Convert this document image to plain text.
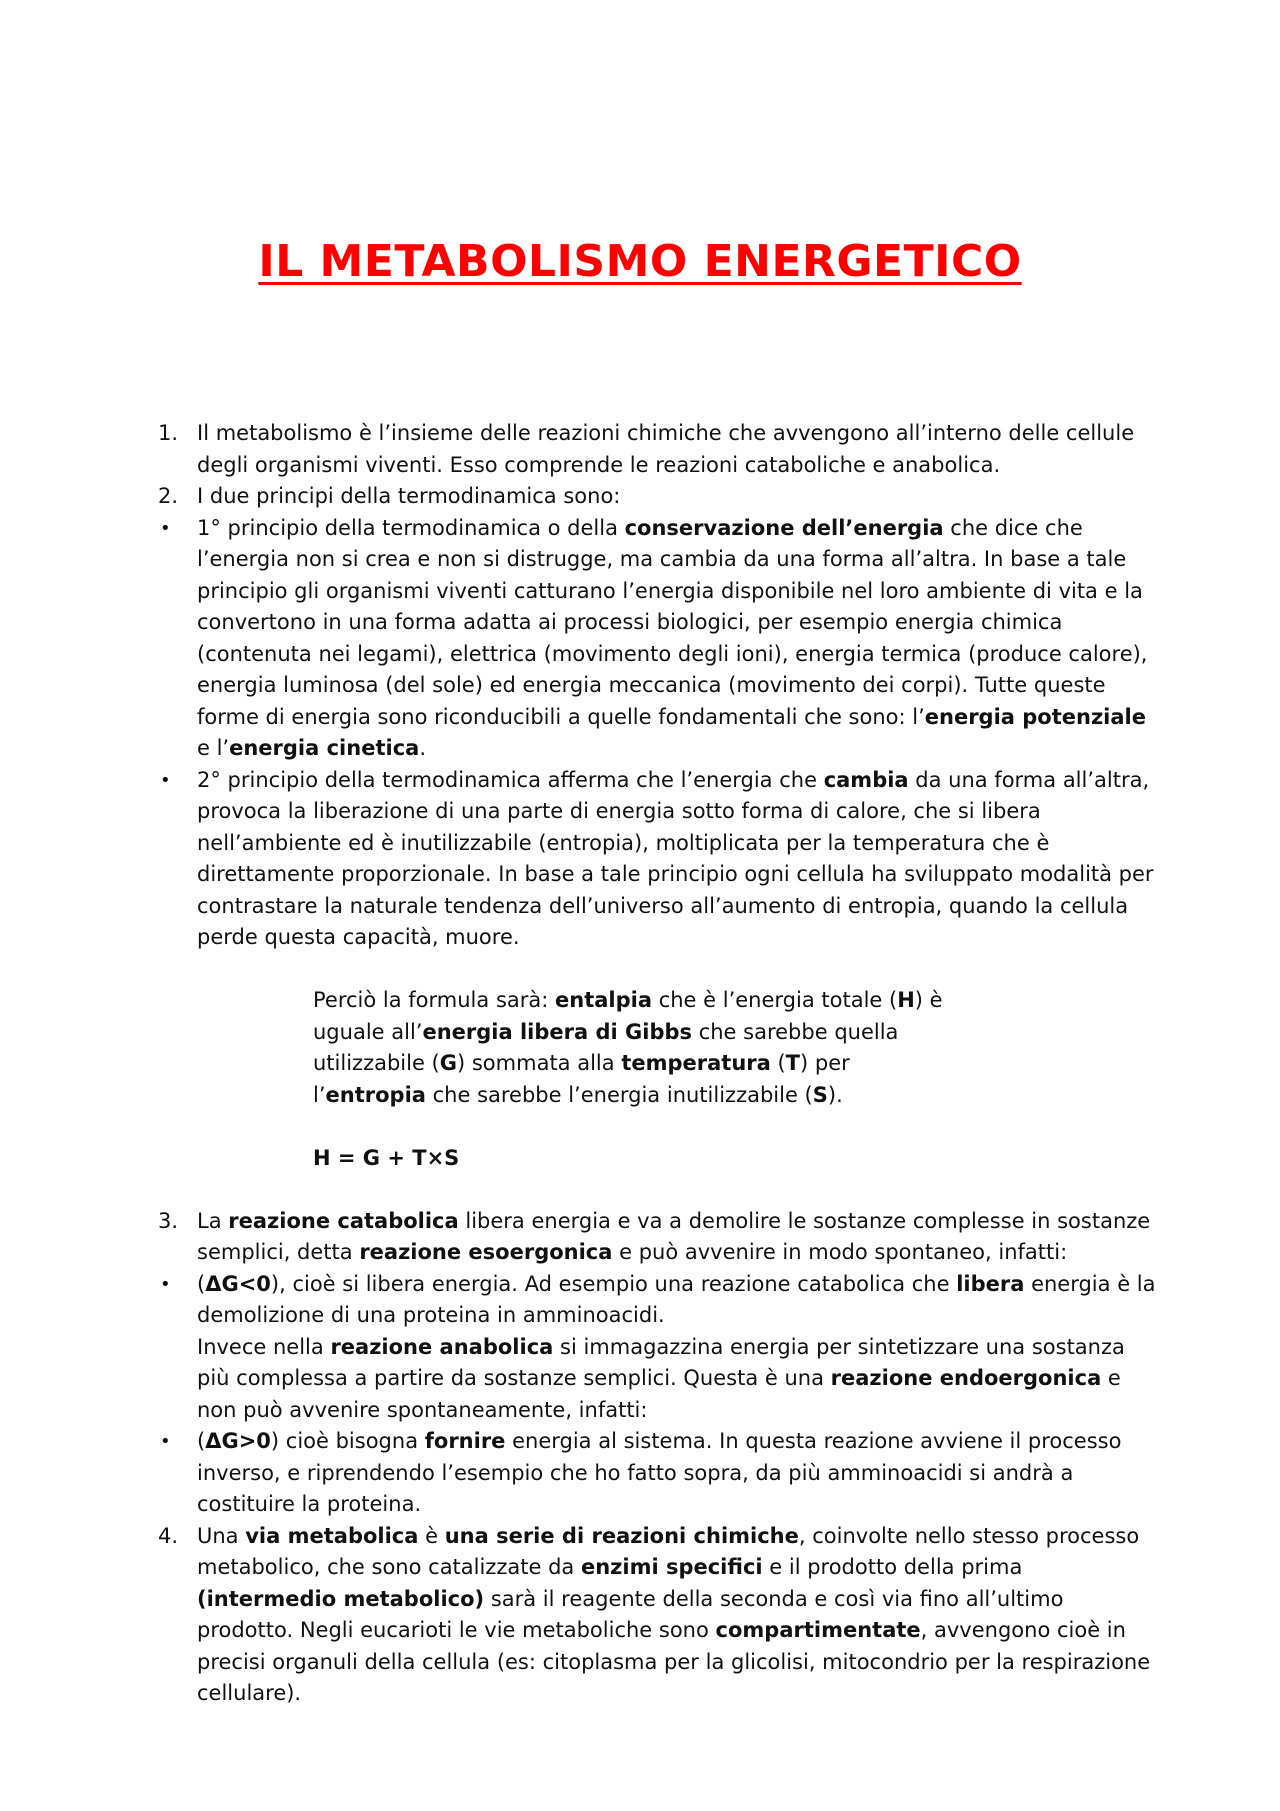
IL METABOLISMO ENERGETICO
1. Il metabolismo è l’insieme delle reazioni chimiche che avvengono all’interno delle cellule degli organismi viventi. Esso comprende le reazioni cataboliche e anabolica.
2. I due principi della termodinamica sono:
• 1° principio della termodinamica o della conservazione dell’energia che dice che l’energia non si crea e non si distrugge, ma cambia da una forma all’altra. In base a tale principio gli organismi viventi catturano l’energia disponibile nel loro ambiente di vita e la convertono in una forma adatta ai processi biologici, per esempio energia chimica (contenuta nei legami), elettrica (movimento degli ioni), energia termica (produce calore), energia luminosa (del sole) ed energia meccanica (movimento dei corpi). Tutte queste forme di energia sono riconducibili a quelle fondamentali che sono: l’energia potenziale e l’energia cinetica.
• 2° principio della termodinamica afferma che l’energia che cambia da una forma all’altra, provoca la liberazione di una parte di energia sotto forma di calore, che si libera nell’ambiente ed è inutilizzabile (entropia), moltiplicata per la temperatura che è direttamente proporzionale. In base a tale principio ogni cellula ha sviluppato modalità per contrastare la naturale tendenza dell’universo all’aumento di entropia, quando la cellula perde questa capacità, muore.
Perciò la formula sarà: entalpia che è l’energia totale (H) è uguale all’energia libera di Gibbs che sarebbe quella utilizzabile (G) sommata alla temperatura (T) per l’entropia che sarebbe l’energia inutilizzabile (S).
H = G + T×S
3. La reazione catabolica libera energia e va a demolire le sostanze complesse in sostanze semplici, detta reazione esoergonica e può avvenire in modo spontaneo, infatti:
• (ΔG<0), cioè si libera energia. Ad esempio una reazione catabolica che libera energia è la demolizione di una proteina in amminoacidi.
Invece nella reazione anabolica si immagazzina energia per sintetizzare una sostanza più complessa a partire da sostanze semplici. Questa è una reazione endoergonica e non può avvenire spontaneamente, infatti:
• (ΔG>0) cioè bisogna fornire energia al sistema. In questa reazione avviene il processo inverso, e riprendendo l’esempio che ho fatto sopra, da più amminoacidi si andrà a costituire la proteina.
4. Una via metabolica è una serie di reazioni chimiche, coinvolte nello stesso processo metabolico, che sono catalizzate da enzimi specifici e il prodotto della prima (intermedio metabolico) sarà il reagente della seconda e così via fino all’ultimo prodotto. Negli eucarioti le vie metaboliche sono compartimentate, avvengono cioè in precisi organuli della cellula (es: citoplasma per la glicolisi, mitocondrio per la respirazione cellulare).
